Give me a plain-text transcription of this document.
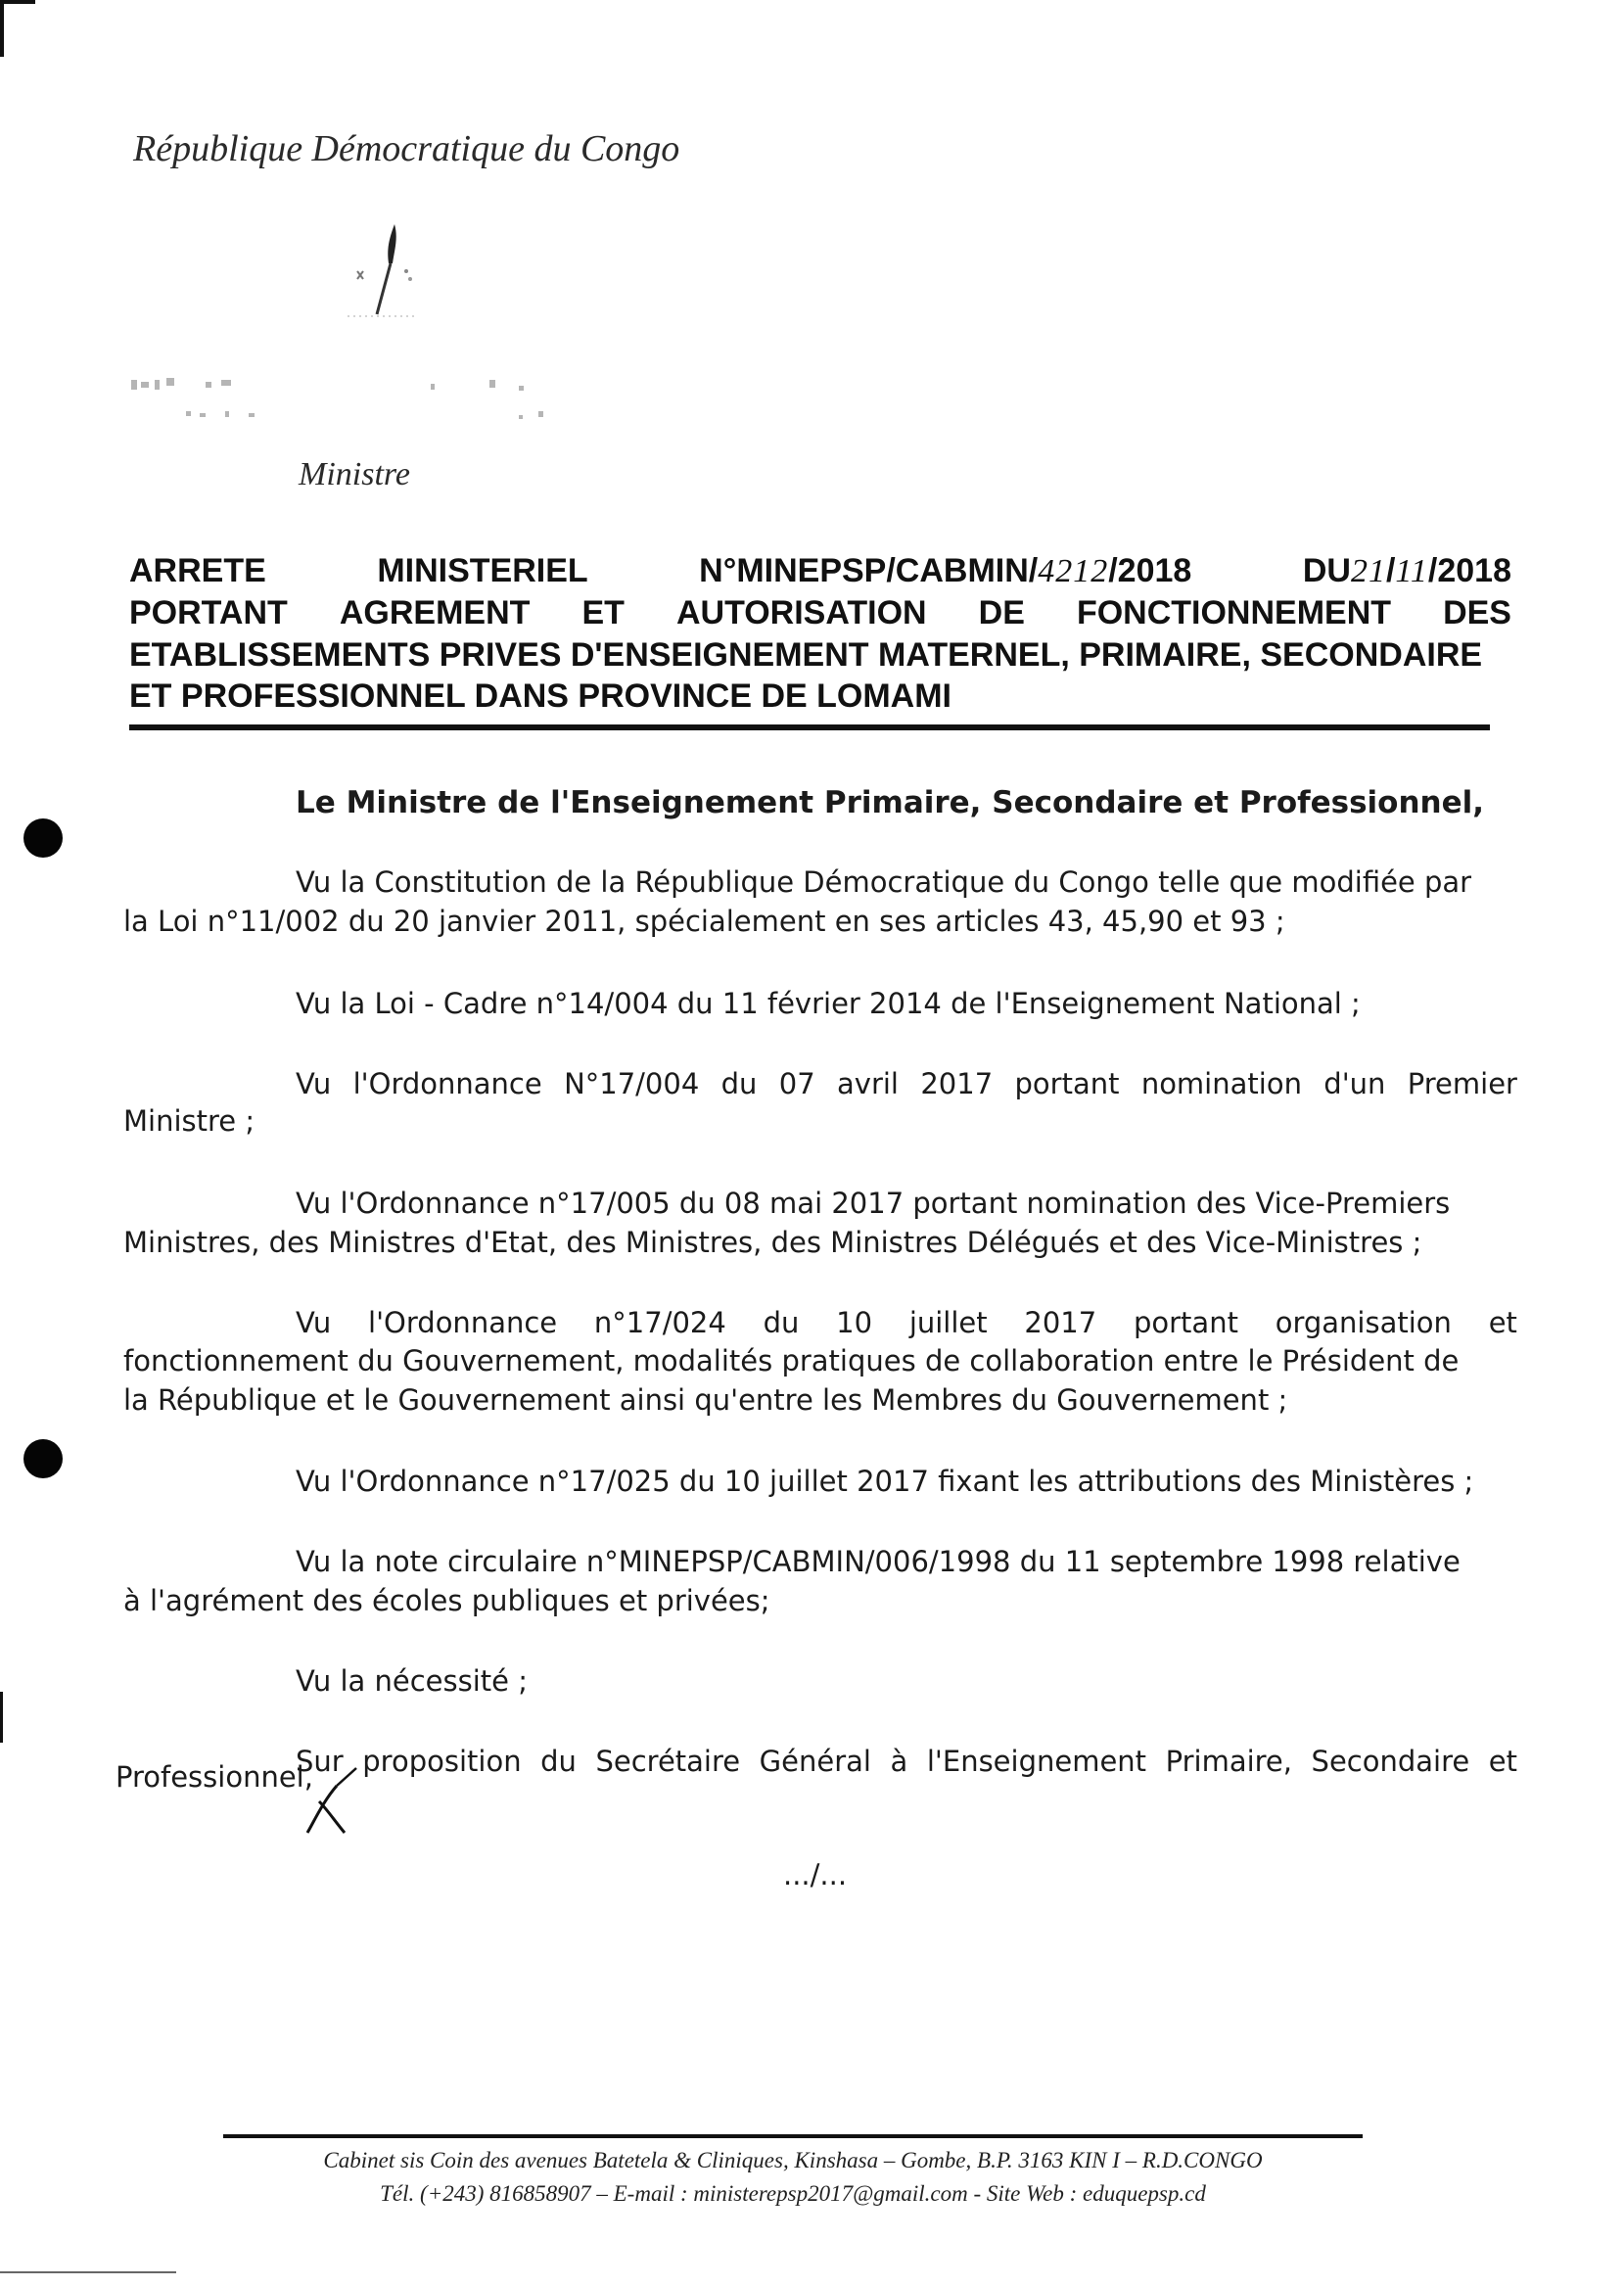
République Démocratique du Congo
Ministre
ARRETE	MINISTERIEL	N°MINEPSP/CABMIN/4212/2018	DU21/11/2018
PORTANT AGREMENT ET AUTORISATION DE FONCTIONNEMENT DES
ETABLISSEMENTS PRIVES D'ENSEIGNEMENT MATERNEL, PRIMAIRE, SECONDAIRE
ET PROFESSIONNEL DANS PROVINCE DE LOMAMI
Le Ministre de l'Enseignement Primaire, Secondaire et Professionnel,
Vu la Constitution de la République Démocratique du Congo telle que modifiée par
la Loi n°11/002 du 20 janvier 2011, spécialement en ses articles 43, 45,90 et 93 ;
Vu la Loi - Cadre n°14/004 du 11 février 2014 de l'Enseignement National ;
Vu l'Ordonnance N°17/004 du 07 avril 2017 portant nomination d'un Premier
Ministre ;
Vu l'Ordonnance n°17/005 du 08 mai 2017 portant nomination des Vice-Premiers
Ministres, des Ministres d'Etat, des Ministres, des Ministres Délégués et des Vice-Ministres ;
Vu l'Ordonnance n°17/024 du 10 juillet 2017 portant organisation et
fonctionnement du Gouvernement, modalités pratiques de collaboration entre le Président de
la République et le Gouvernement ainsi qu'entre les Membres du Gouvernement ;
Vu l'Ordonnance n°17/025 du 10 juillet 2017 fixant les attributions des Ministères ;
Vu la note circulaire n°MINEPSP/CABMIN/006/1998 du 11 septembre 1998 relative
à l'agrément des écoles publiques et privées;
Vu la nécessité ;
Sur proposition du Secrétaire Général à l'Enseignement Primaire, Secondaire et
Professionnel,
.../...
Cabinet sis Coin des avenues Batetela & Cliniques, Kinshasa – Gombe, B.P. 3163 KIN I – R.D.CONGO
Tél. (+243) 816858907 – E-mail : ministerepsp2017@gmail.com - Site Web : eduquepsp.cd
